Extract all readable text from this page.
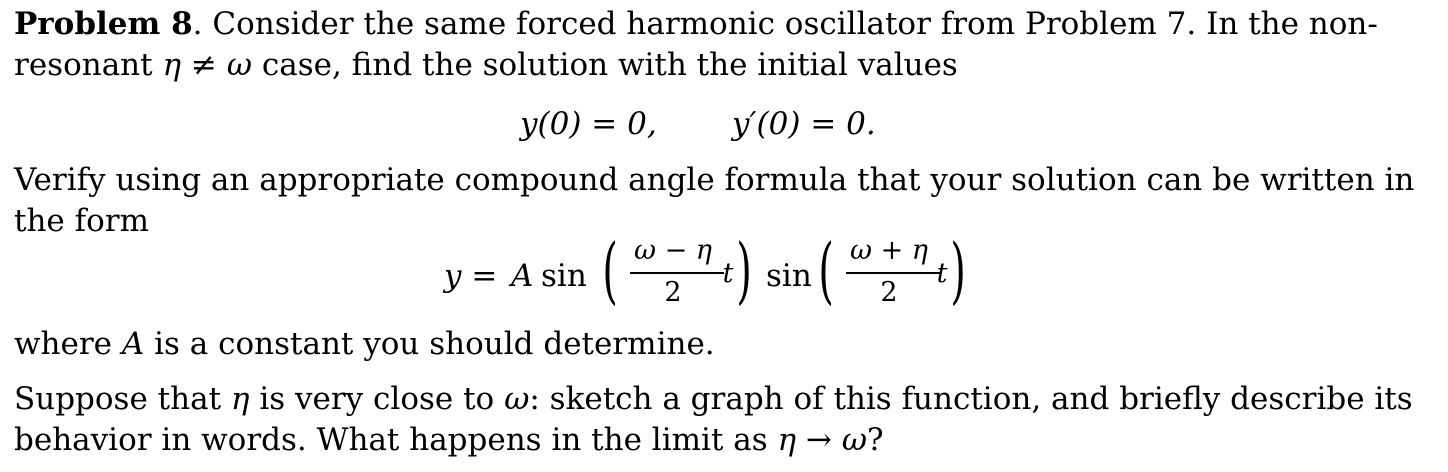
Problem 8. Consider the same forced harmonic oscillator from Problem 7. In the non-
resonant η ≠ ω case, find the solution with the initial values
y(0) = 0, y′(0) = 0.
Verify using an appropriate compound angle formula that your solution can be written in
the form
y = A sin ( ω − η
2
t ) sin ( ω + η
2
t )
where A is a constant you should determine.
Suppose that η is very close to ω: sketch a graph of this function, and briefly describe its
behavior in words. What happens in the limit as η → ω?
